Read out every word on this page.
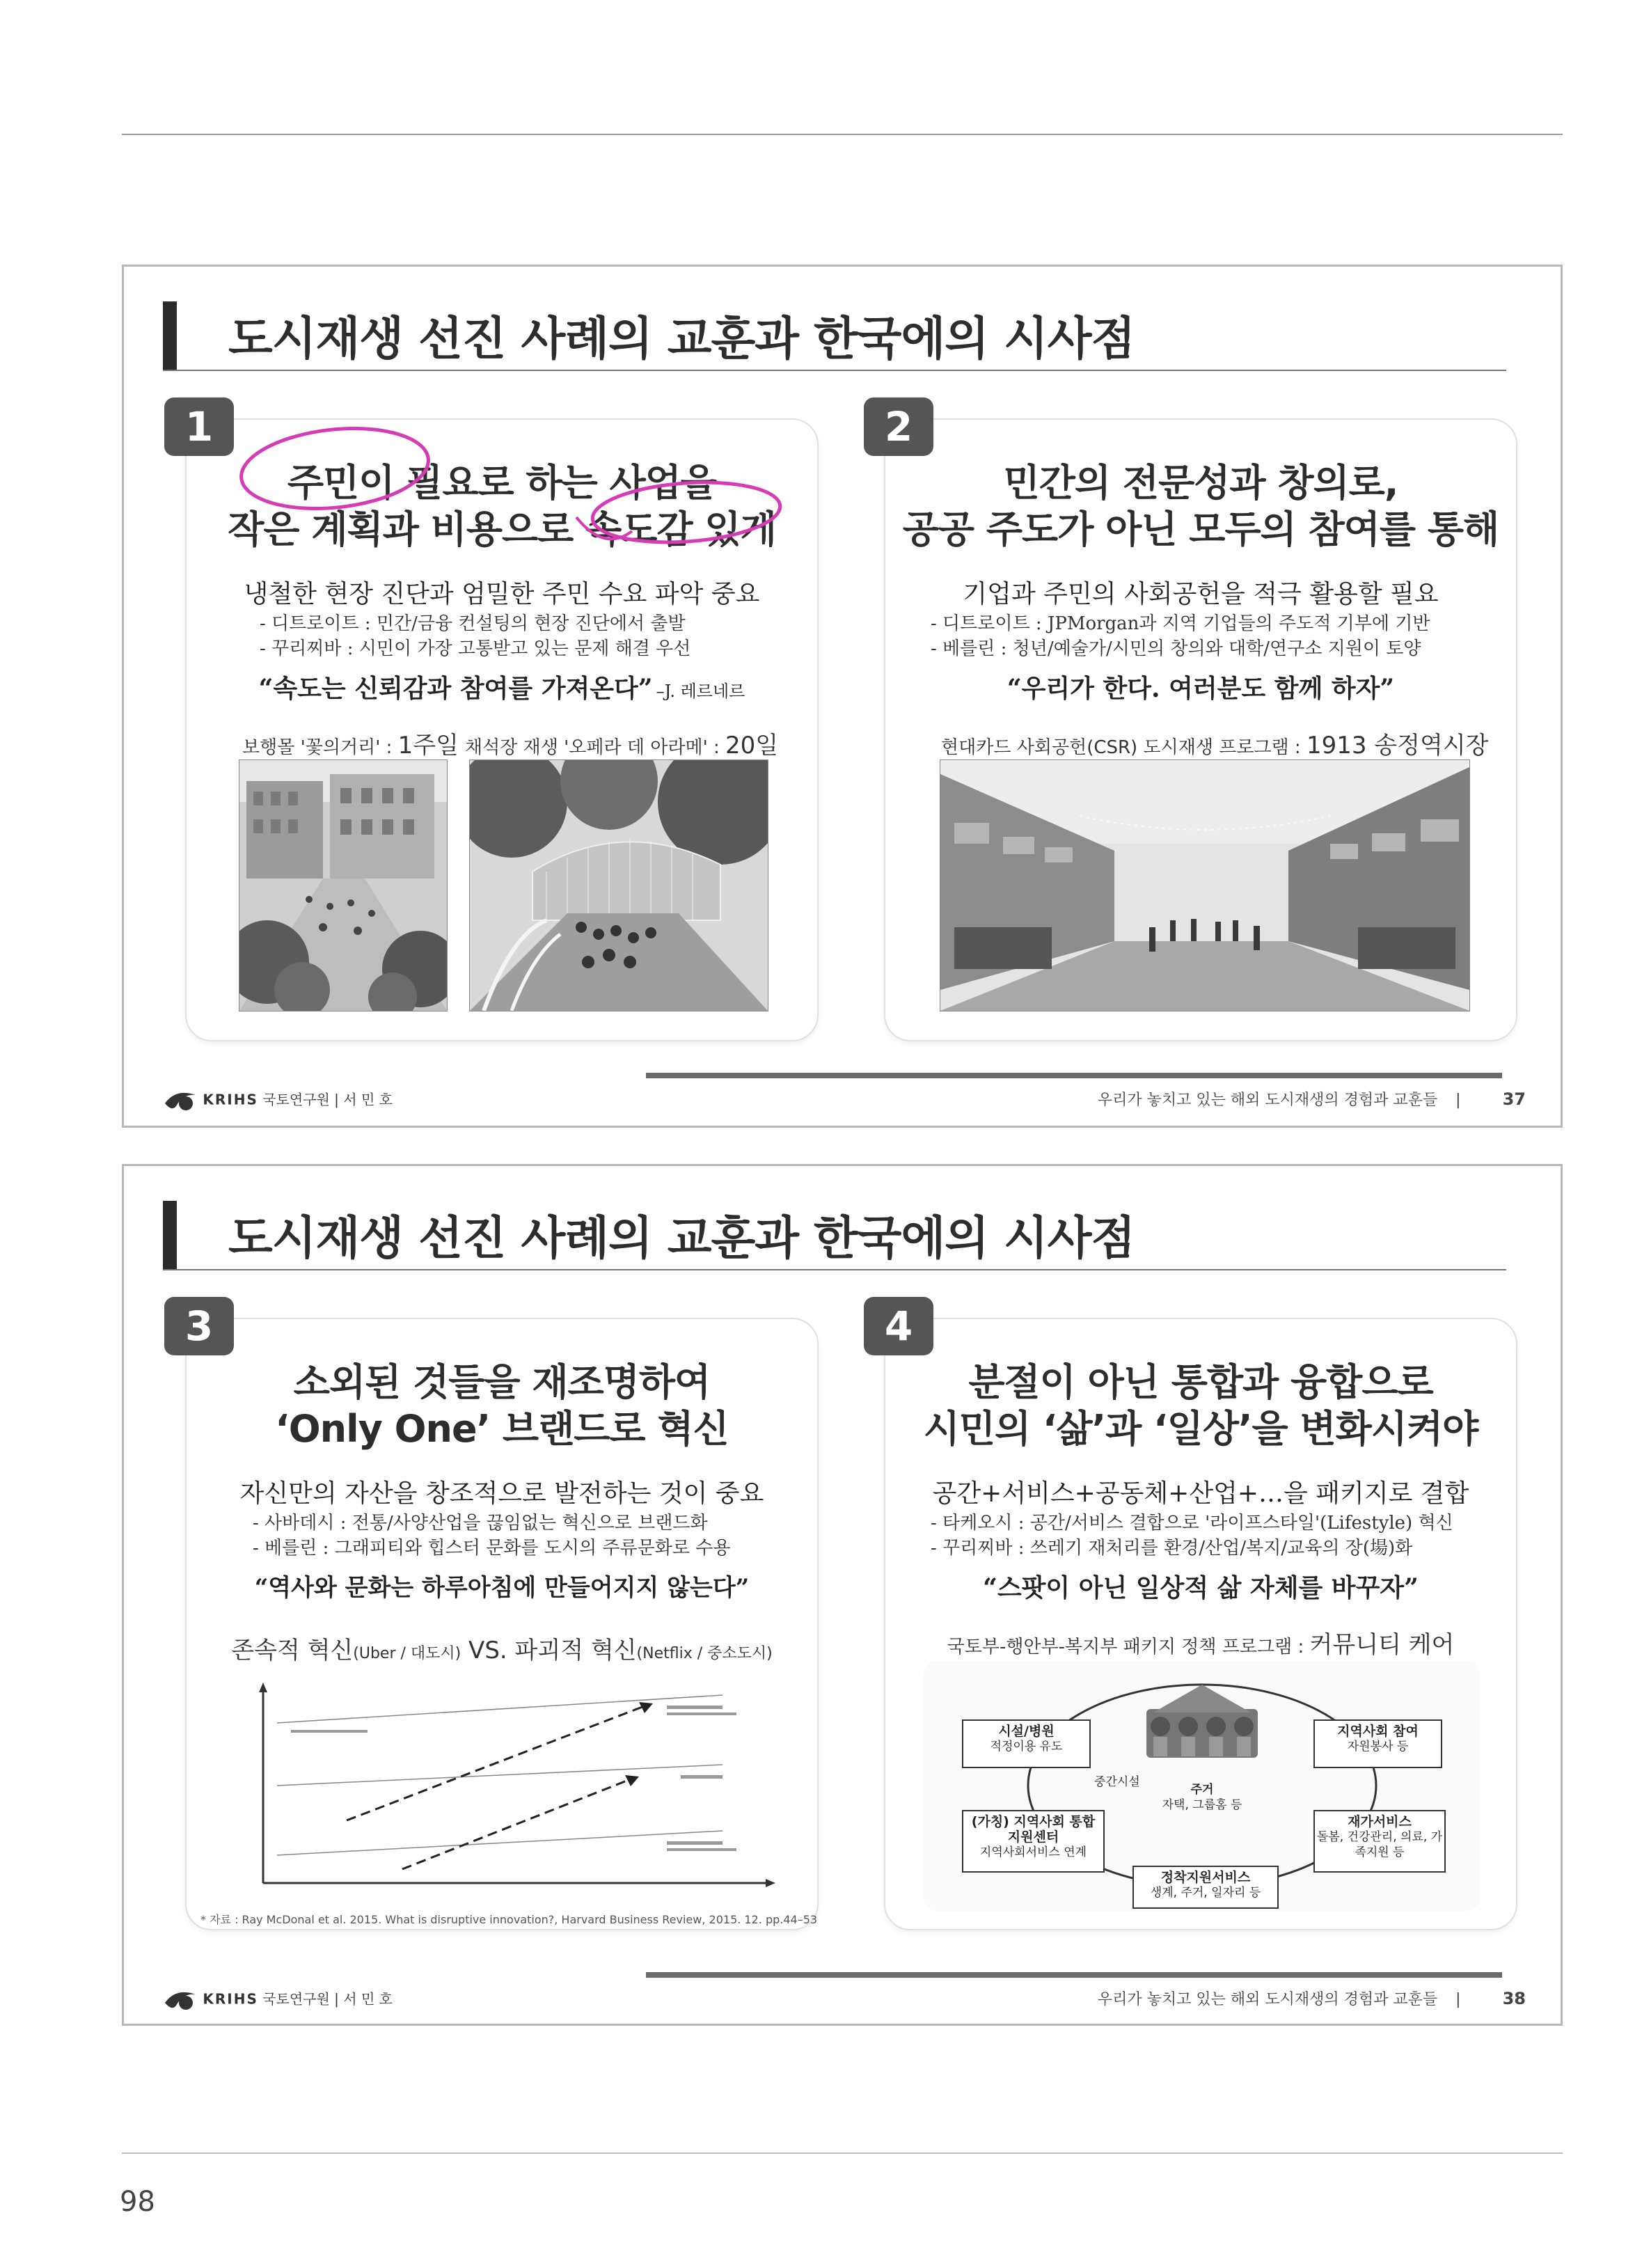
도시재생 선진 사례의 교훈과 한국에의 시사점
주민이 필요로 하는 사업을
작은 계획과 비용으로 속도감 있게
냉철한 현장 진단과 엄밀한 주민 수요 파악 중요
- 디트로이트 : 민간/금융 컨설팅의 현장 진단에서 출발
- 꾸리찌바 : 시민이 가장 고통받고 있는 문제 해결 우선
“속도는 신뢰감과 참여를 가져온다” –J. 레르네르
보행몰 '꽃의거리' : 1주일 채석장 재생 '오페라 데 아라메' : 20일
1
민간의 전문성과 창의로,
공공 주도가 아닌 모두의 참여를 통해
기업과 주민의 사회공헌을 적극 활용할 필요
- 디트로이트 : JPMorgan과 지역 기업들의 주도적 기부에 기반
- 베를린 : 청년/예술가/시민의 창의와 대학/연구소 지원이 토양
“우리가 한다. 여러분도 함께 하자”
현대카드 사회공헌(CSR) 도시재생 프로그램 : 1913 송정역시장
2
KRIHS 국토연구원 | 서 민 호	우리가 놓치고 있는 해외 도시재생의 경험과 교훈들 |	37
도시재생 선진 사례의 교훈과 한국에의 시사점
소외된 것들을 재조명하여
‘Only One’ 브랜드로 혁신
자신만의 자산을 창조적으로 발전하는 것이 중요
- 사바데시 : 전통/사양산업을 끊임없는 혁신으로 브랜드화
- 베를린 : 그래피티와 힙스터 문화를 도시의 주류문화로 수용
“역사와 문화는 하루아침에 만들어지지 않는다”
존속적 혁신(Uber / 대도시) VS. 파괴적 혁신(Netflix / 중소도시)
* 자료 : Ray McDonal et al. 2015. What is disruptive innovation?, Harvard Business Review, 2015. 12. pp.44–53
3
분절이 아닌 통합과 융합으로
시민의 ‘삶’과 ‘일상’을 변화시켜야
공간+서비스+공동체+산업+…을 패키지로 결합
- 타케오시 : 공간/서비스 결합으로 '라이프스타일'(Lifestyle) 혁신
- 꾸리찌바 : 쓰레기 재처리를 환경/산업/복지/교육의 장(場)화
“스팟이 아닌 일상적 삶 자체를 바꾸자”
국토부-행안부-복지부 패키지 정책 프로그램 : 커뮤니티 케어
시설/병원
적정이용 유도
지역사회 참여
자원봉사 등
(가칭) 지역사회 통합 지원센터
지역사회서비스 연계
재가서비스
돌봄, 건강관리, 의료, 가족지원 등
정착지원서비스
생계, 주거, 일자리 등
주거
자택, 그룹홈 등
중간시설
4
KRIHS 국토연구원 | 서 민 호	우리가 놓치고 있는 해외 도시재생의 경험과 교훈들 |	38
98
